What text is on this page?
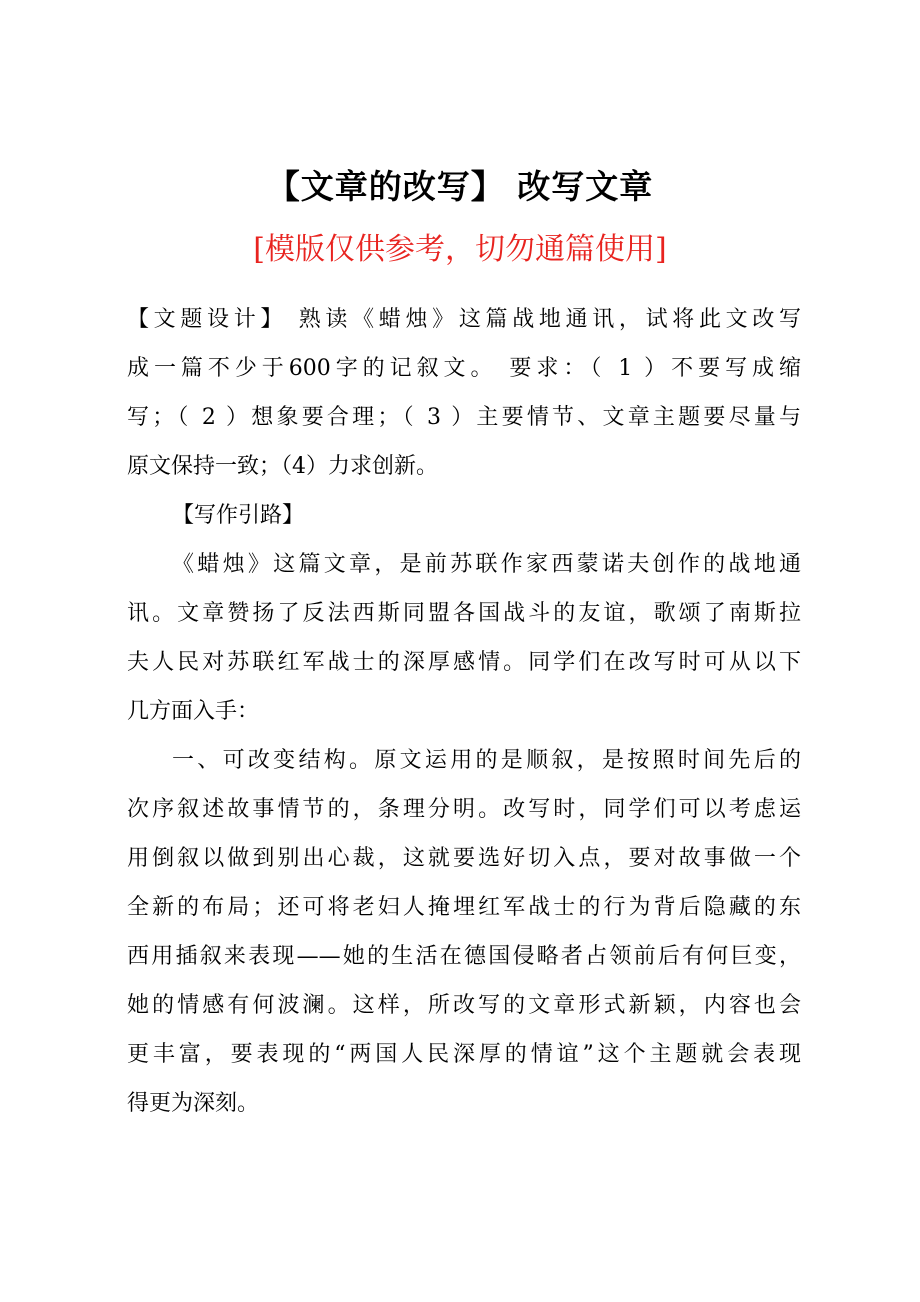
【文章的改写】 改写文章
[模版仅供参考，切勿通篇使用]
【文题设计】 熟读《蜡烛》这篇战地通讯，试将此文改写
成一篇不少于600字的记叙文。 要求：（ 1 ）不要写成缩
写；（ 2 ）想象要合理；（ 3 ）主要情节、文章主题要尽量与
原文保持一致；（4）力求创新。
【写作引路】
《蜡烛》这篇文章，是前苏联作家西蒙诺夫创作的战地通
讯。文章赞扬了反法西斯同盟各国战斗的友谊，歌颂了南斯拉
夫人民对苏联红军战士的深厚感情。同学们在改写时可从以下
几方面入手：
一、可改变结构。原文运用的是顺叙，是按照时间先后的
次序叙述故事情节的，条理分明。改写时，同学们可以考虑运
用倒叙以做到别出心裁，这就要选好切入点，要对故事做一个
全新的布局；还可将老妇人掩埋红军战士的行为背后隐藏的东
西用插叙来表现——她的生活在德国侵略者占领前后有何巨变，
她的情感有何波澜。这样，所改写的文章形式新颖，内容也会
更丰富，要表现的“两国人民深厚的情谊”这个主题就会表现
得更为深刻。
